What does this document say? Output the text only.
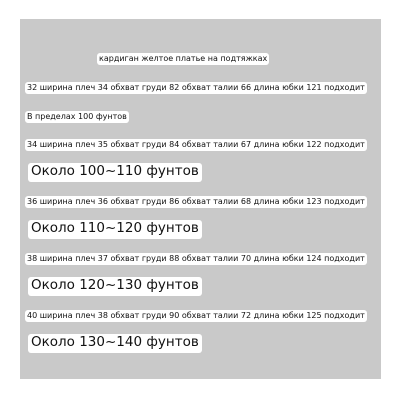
кардиган желтое платье на подтяжках
32 ширина плеч 34 обхват груди 82 обхват талии 66 длина юбки 121 подходит
В пределах 100 фунтов
34 ширина плеч 35 обхват груди 84 обхват талии 67 длина юбки 122 подходит
Около 100~110 фунтов
36 ширина плеч 36 обхват груди 86 обхват талии 68 длина юбки 123 подходит
Около 110~120 фунтов
38 ширина плеч 37 обхват груди 88 обхват талии 70 длина юбки 124 подходит
Около 120~130 фунтов
40 ширина плеч 38 обхват груди 90 обхват талии 72 длина юбки 125 подходит
Около 130~140 фунтов
